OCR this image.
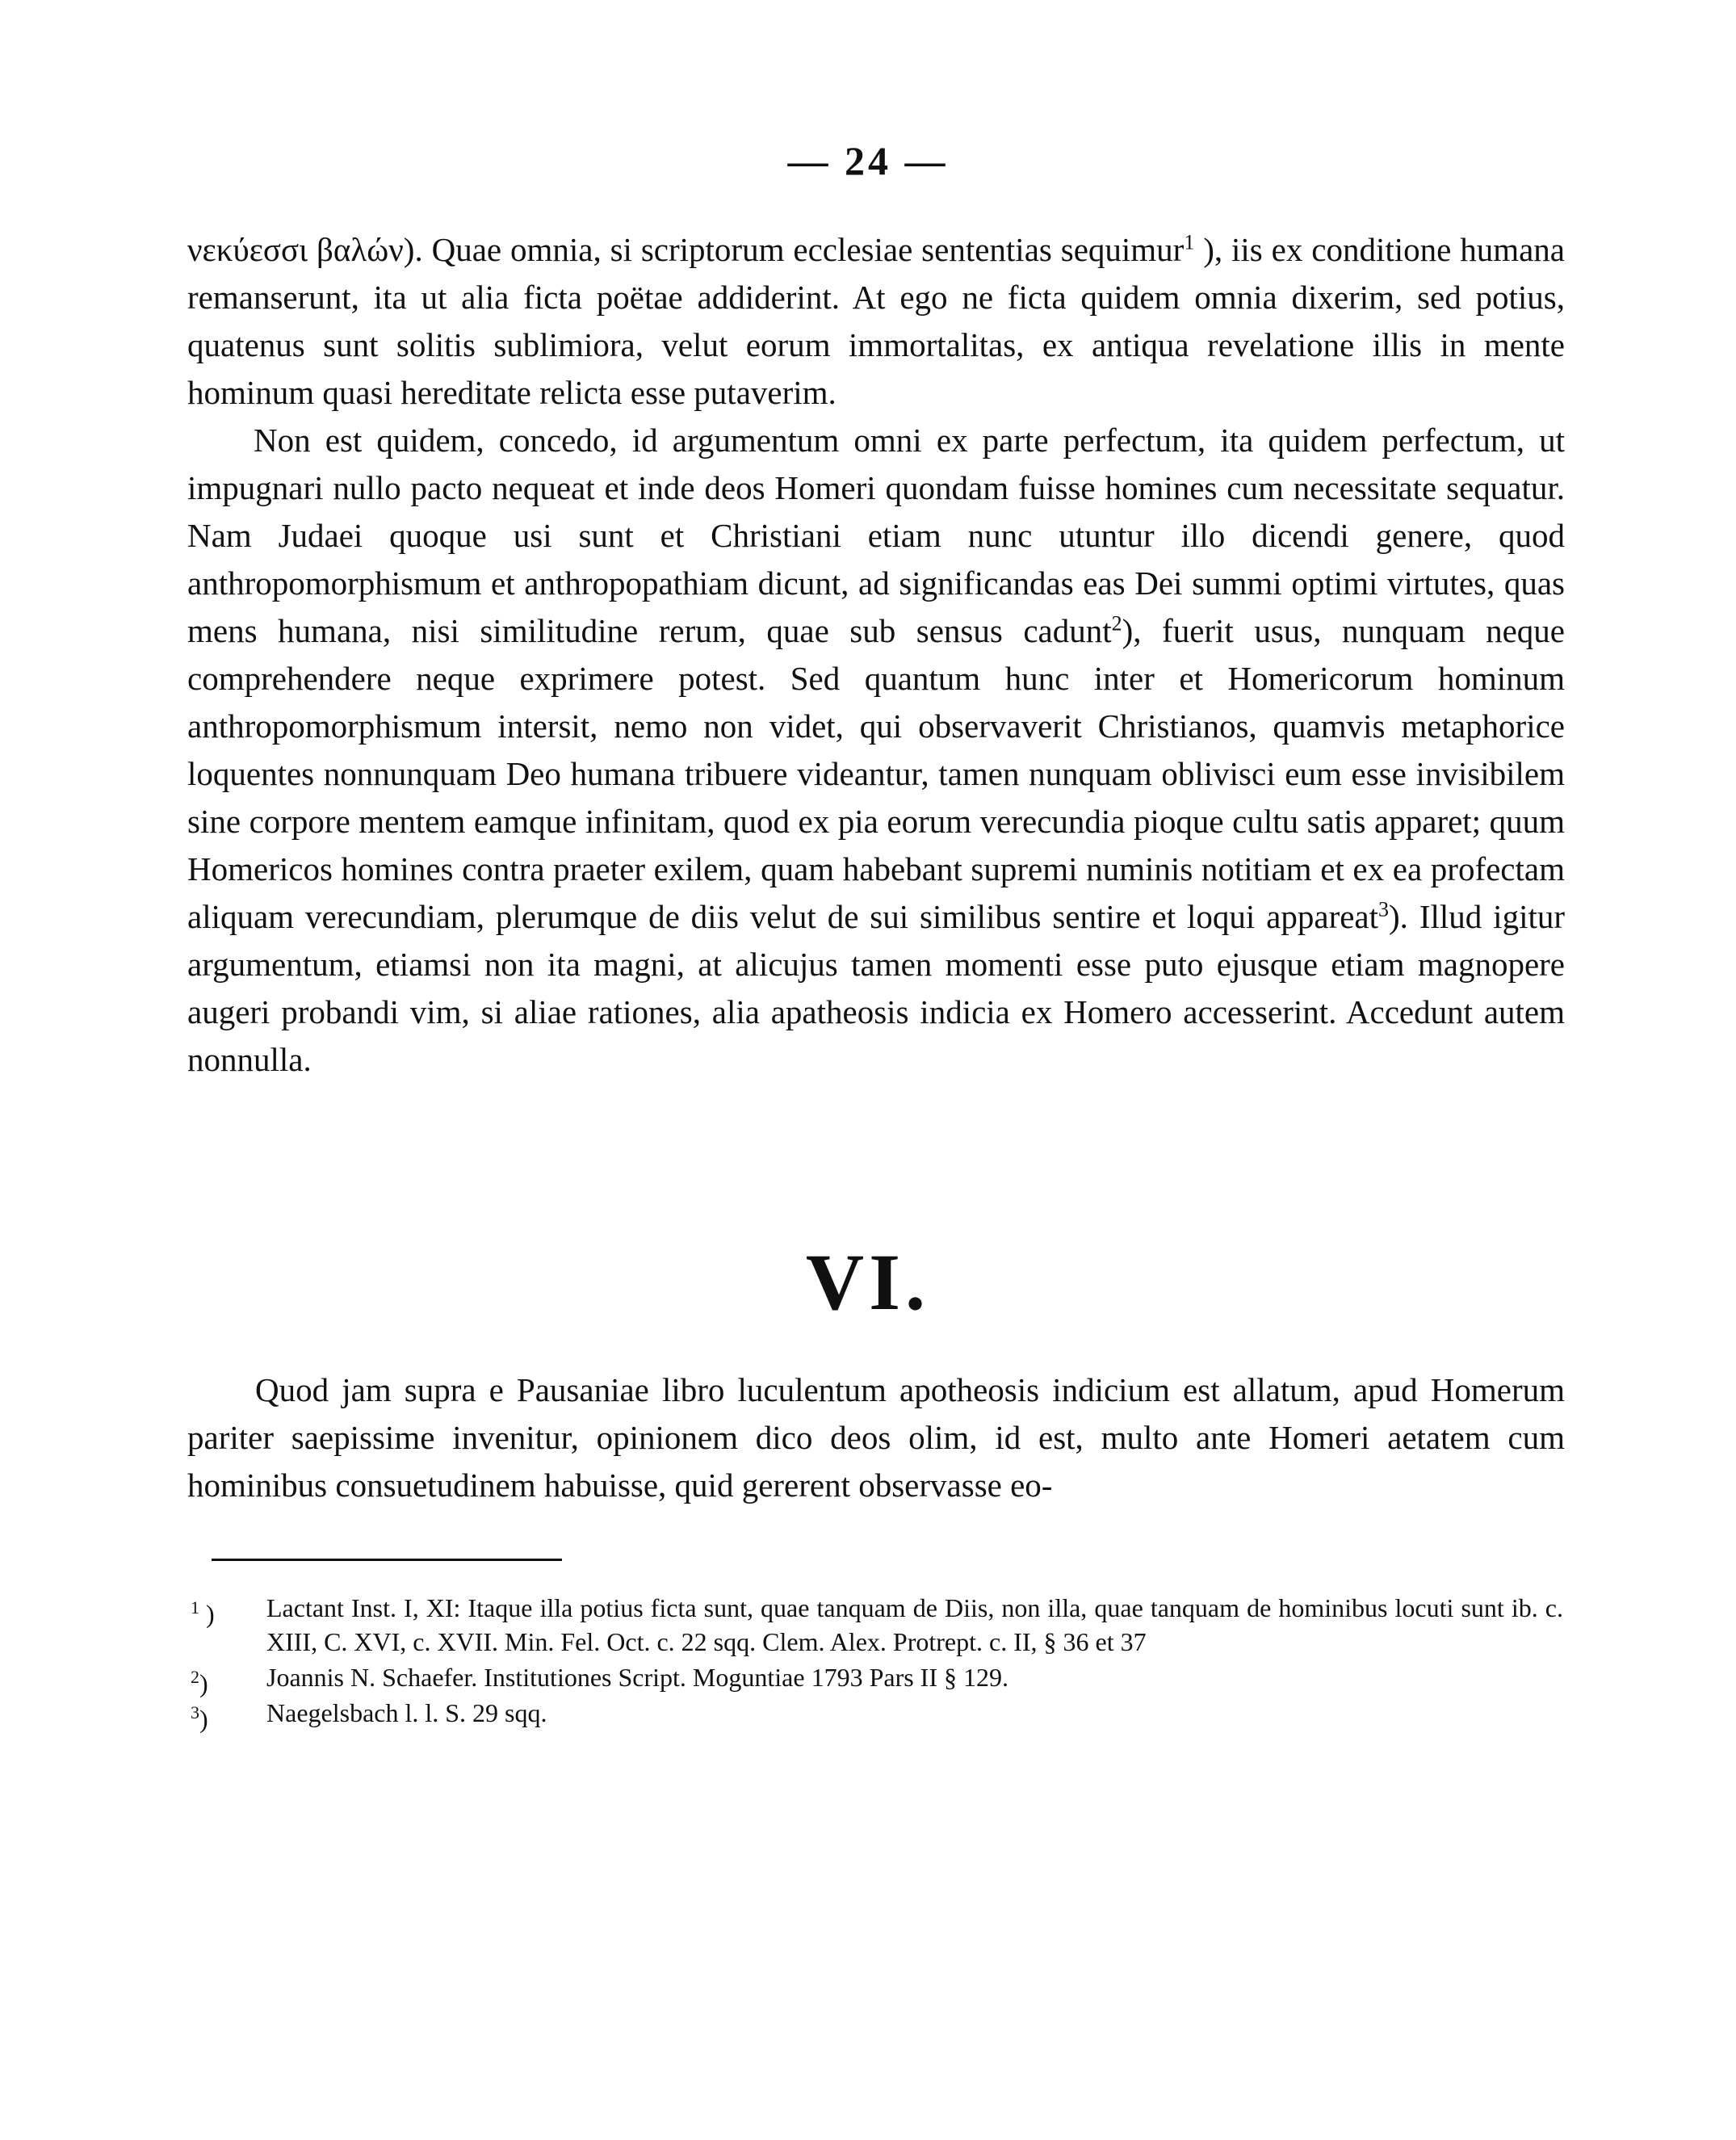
— 24 —

νεκύεσσι βαλών). Quae omnia, si scriptorum ecclesiae sententias sequimur$^1$ ), iis ex conditione humana remanserunt, ita ut alia ficta poëtae addiderint. At ego ne ficta quidem omnia dixerim, sed potius, quatenus sunt solitis sublimiora, velut eorum immortalitas, ex antiqua revelatione illis in mente hominum quasi hereditate relicta esse putaverim.

Non est quidem, concedo, id argumentum omni ex parte perfectum, ita quidem perfectum, ut impugnari nullo pacto nequeat et inde deos Homeri quondam fuisse homines cum necessitate sequatur. Nam Judaei quoque usi sunt et Christiani etiam nunc utuntur illo dicendi genere, quod anthropomorphismum et anthropopathiam dicunt, ad significandas eas Dei summi optimi virtutes, quas mens humana, nisi similitudine rerum, quae sub sensus cadunt$^2$), fuerit usus, nunquam neque comprehendere neque exprimere potest. Sed quantum hunc inter et Homericorum hominum anthropomorphismum intersit, nemo non videt, qui observaverit Christianos, quamvis metaphorice loquentes nonnunquam Deo humana tribuere videantur, tamen nunquam oblivisci eum esse invisibilem sine corpore mentem eamque infinitam, quod ex pia eorum verecundia pioque cultu satis apparet; quum Homericos homines contra praeter exilem, quam habebant supremi numinis notitiam et ex ea profectam aliquam verecundiam, plerumque de diis velut de sui similibus sentire et loqui appareat$^3$). Illud igitur argumentum, etiamsi non ita magni, at alicujus tamen momenti esse puto ejusque etiam magnopere augeri probandi vim, si aliae rationes, alia apatheosis indicia ex Homero accesserint. Accedunt autem nonnulla.

VI.

Quod jam supra e Pausaniae libro luculentum apotheosis indicium est allatum, apud Homerum pariter saepissime invenitur, opinionem dico deos olim, id est, multo ante Homeri aetatem cum hominibus consuetudinem habuisse, quid gererent observasse eo-

$^1$ ) Lactant Inst. I, XI: Itaque illa potius ficta sunt, quae tanquam de Diis, non illa, quae tanquam de hominibus locuti sunt ib. c. XIII, C. XVI, c. XVII. Min. Fel. Oct. c. 22 sqq. Clem. Alex. Protrept. c. II, § 36 et 37
$^2$) Joannis N. Schaefer. Institutiones Script. Moguntiae 1793 Pars II § 129.
$^3$) Naegelsbach l. l. S. 29 sqq.
